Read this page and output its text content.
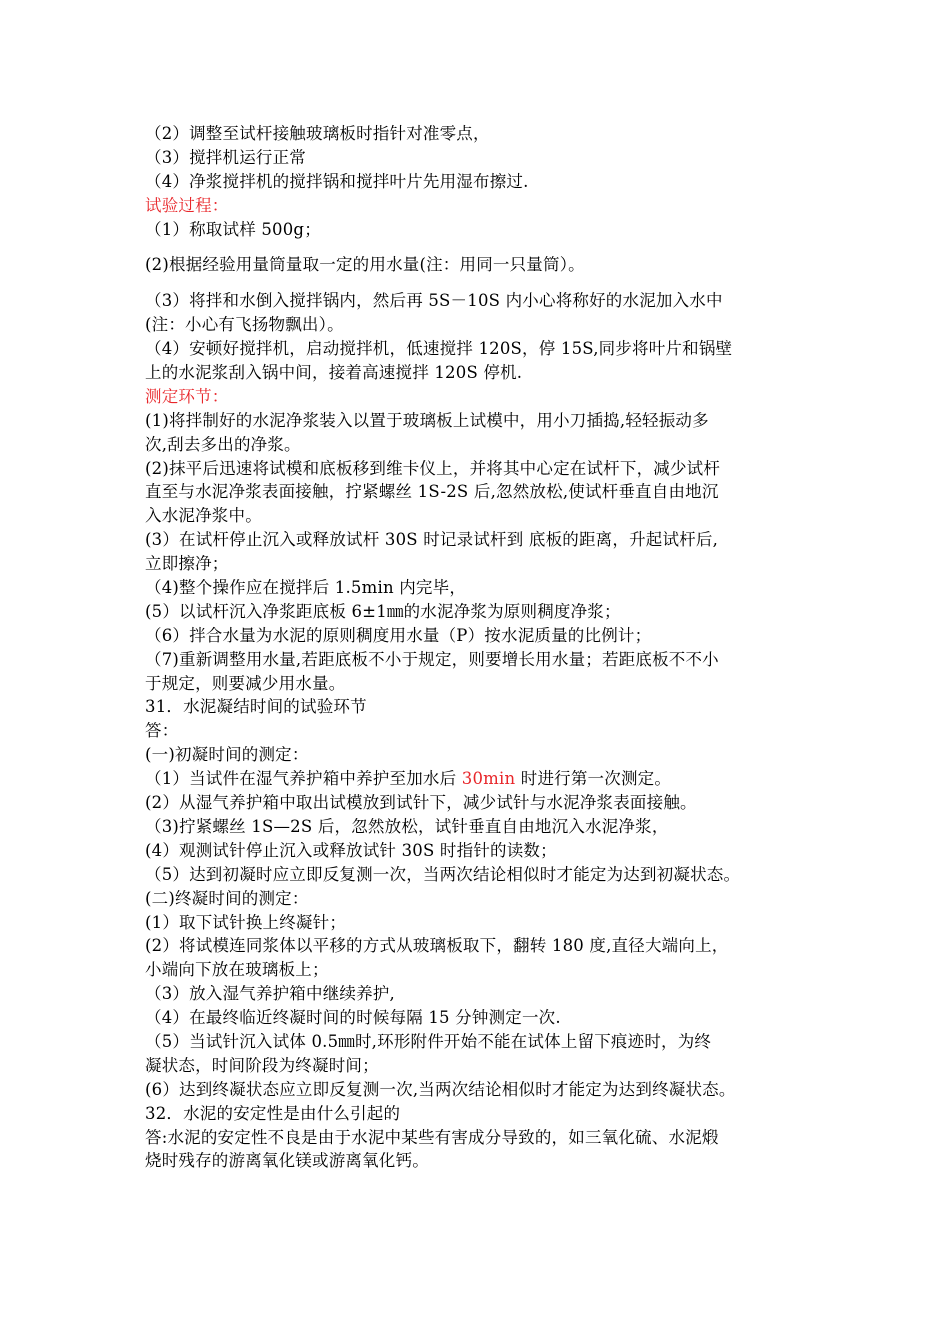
（2）调整至试杆接触玻璃板时指针对准零点，
（3）搅拌机运行正常
（4）净浆搅拌机的搅拌锅和搅拌叶片先用湿布擦过.
试验过程：
（1）称取试样 500g；
(2)根据经验用量筒量取一定的用水量(注：用同一只量筒）。
（3）将拌和水倒入搅拌锅内，然后再 5S－10S 内小心将称好的水泥加入水中
(注：小心有飞扬物飘出）。
（4）安顿好搅拌机，启动搅拌机，低速搅拌 120S，停 15S,同步将叶片和锅壁
上的水泥浆刮入锅中间，接着高速搅拌 120S 停机.
测定环节：
(1)将拌制好的水泥净浆装入以置于玻璃板上试模中，用小刀插捣,轻轻振动多
次,刮去多出的净浆。
(2)抹平后迅速将试模和底板移到维卡仪上，并将其中心定在试杆下，减少试杆
直至与水泥净浆表面接触，拧紧螺丝 1S-2S 后,忽然放松,使试杆垂直自由地沉
入水泥净浆中。
(3）在试杆停止沉入或释放试杆 30S 时记录试杆到 底板的距离，升起试杆后,
立即擦净；
（4)整个操作应在搅拌后 1.5min 内完毕，
(5）以试杆沉入净浆距底板 6±1㎜的水泥净浆为原则稠度净浆；
（6）拌合水量为水泥的原则稠度用水量（P）按水泥质量的比例计；
（7)重新调整用水量,若距底板不小于规定，则要增长用水量；若距底板不不小
于规定，则要减少用水量。
31．水泥凝结时间的试验环节
答：
(一)初凝时间的测定：
（1）当试件在湿气养护箱中养护至加水后 30min 时进行第一次测定。
(2）从湿气养护箱中取出试模放到试针下，减少试针与水泥净浆表面接触。
（3)拧紧螺丝 1S—2S 后，忽然放松，试针垂直自由地沉入水泥净浆，
(4）观测试针停止沉入或释放试针 30S 时指针的读数；
（5）达到初凝时应立即反复测一次，当两次结论相似时才能定为达到初凝状态。
(二)终凝时间的测定：
(1）取下试针换上终凝针；
(2）将试模连同浆体以平移的方式从玻璃板取下，翻转 180 度,直径大端向上，
小端向下放在玻璃板上；
（3）放入湿气养护箱中继续养护,
（4）在最终临近终凝时间的时候每隔 15 分钟测定一次.
（5）当试针沉入试体 0.5㎜时,环形附件开始不能在试体上留下痕迹时，为终
凝状态，时间阶段为终凝时间；
(6）达到终凝状态应立即反复测一次,当两次结论相似时才能定为达到终凝状态。
32．水泥的安定性是由什么引起的
答:水泥的安定性不良是由于水泥中某些有害成分导致的，如三氧化硫、水泥煅
烧时残存的游离氧化镁或游离氧化钙。
